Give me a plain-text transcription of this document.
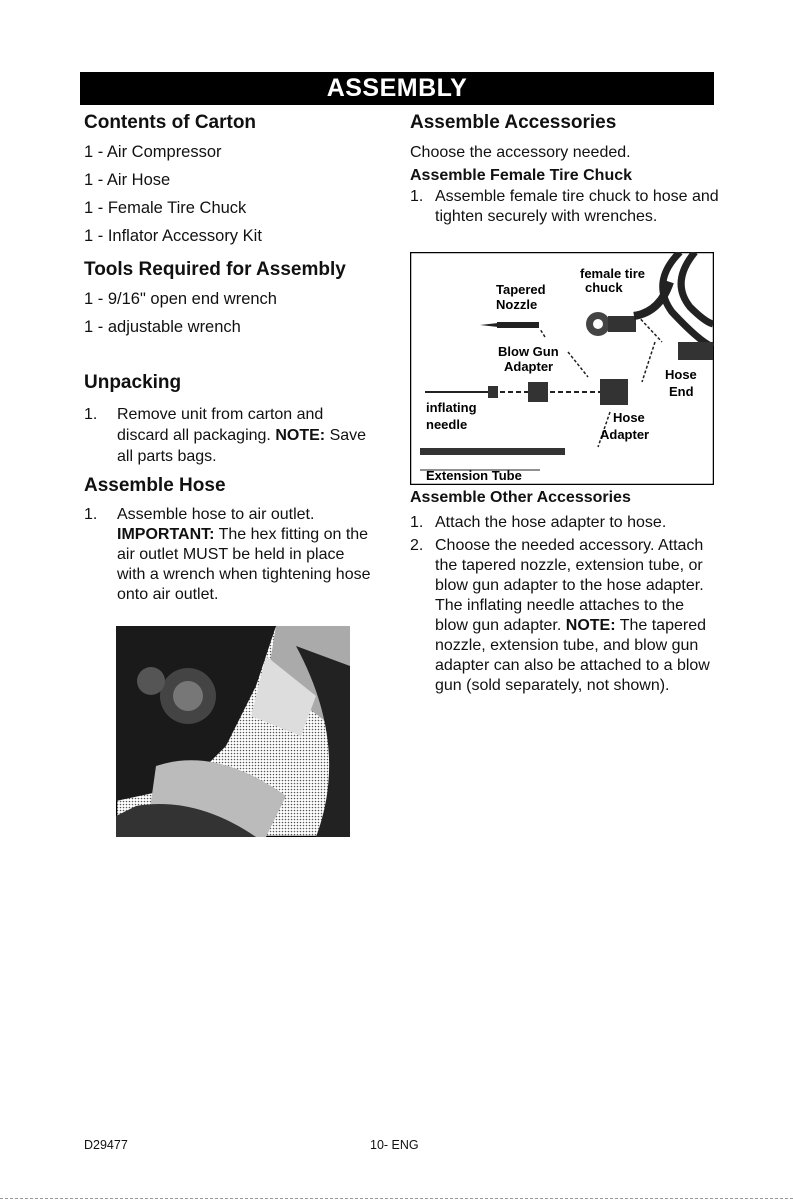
ASSEMBLY

Contents of Carton

1 - Air Compressor
1 - Air Hose
1 - Female Tire Chuck
1 - Inflator Accessory Kit

Tools Required for Assembly

1 - 9/16" open end wrench
1 - adjustable wrench

Unpacking

1. Remove unit from carton and discard all packaging. NOTE: Save all parts bags.

Assemble Hose

1. Assemble hose to air outlet. IMPORTANT: The hex fitting on the air outlet MUST be held in place with a wrench when tightening hose onto air outlet.

Assemble Accessories

Choose the accessory needed.

Assemble Female Tire Chuck

1. Assemble female tire chuck to hose and tighten securely with wrenches.
female tire
chuck
Tapered
Nozzle
Blow Gun
Adapter
Hose
End
inflating
needle	Hose
Adapter
Extension Tube

Assemble Other Accessories

1. Attach the hose adapter to hose.
2. Choose the needed accessory. Attach the tapered nozzle, extension tube, or blow gun adapter to the hose adapter. The inflating needle attaches to the blow gun adapter. NOTE: The tapered nozzle, extension tube, and blow gun adapter can also be attached to a blow gun (sold separately, not shown).
D29477	10- ENG
